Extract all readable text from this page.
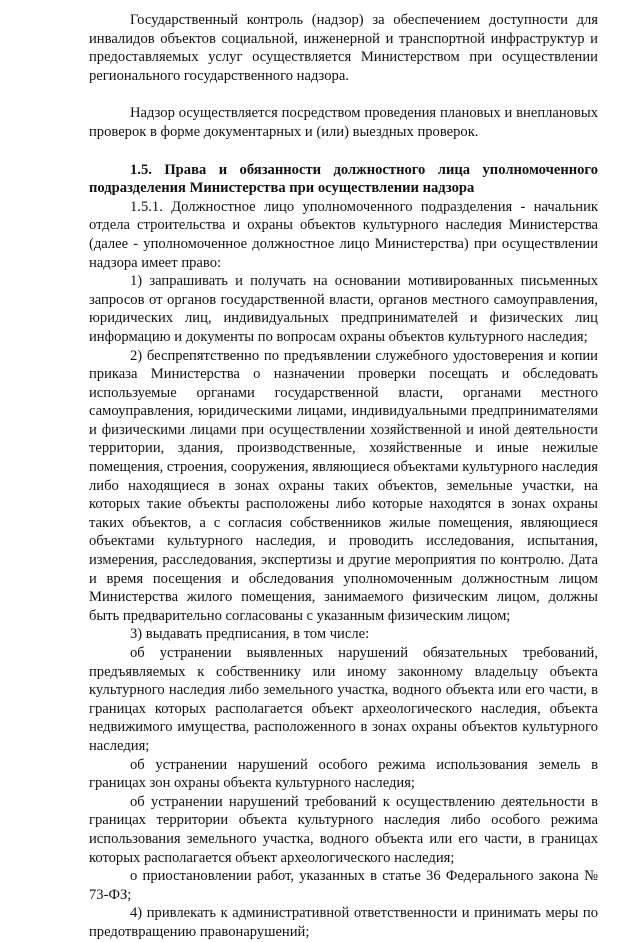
Государственный контроль (надзор) за обеспечением доступности для инвалидов объектов социальной, инженерной и транспортной инфраструктур и предоставляемых услуг осуществляется Министерством при осуществлении регионального государственного надзора.

Надзор осуществляется посредством проведения плановых и внеплановых проверок в форме документарных и (или) выездных проверок.

1.5. Права и обязанности должностного лица уполномоченного подразделения Министерства при осуществлении надзора

1.5.1. Должностное лицо уполномоченного подразделения - начальник отдела строительства и охраны объектов культурного наследия Министерства (далее - уполномоченное должностное лицо Министерства) при осуществлении надзора имеет право:

1) запрашивать и получать на основании мотивированных письменных запросов от органов государственной власти, органов местного самоуправления, юридических лиц, индивидуальных предпринимателей и физических лиц информацию и документы по вопросам охраны объектов культурного наследия;

2) беспрепятственно по предъявлении служебного удостоверения и копии приказа Министерства о назначении проверки посещать и обследовать используемые органами государственной власти, органами местного самоуправления, юридическими лицами, индивидуальными предпринимателями и физическими лицами при осуществлении хозяйственной и иной деятельности территории, здания, производственные, хозяйственные и иные нежилые помещения, строения, сооружения, являющиеся объектами культурного наследия либо находящиеся в зонах охраны таких объектов, земельные участки, на которых такие объекты расположены либо которые находятся в зонах охраны таких объектов, а с согласия собственников жилые помещения, являющиеся объектами культурного наследия, и проводить исследования, испытания, измерения, расследования, экспертизы и другие мероприятия по контролю. Дата и время посещения и обследования уполномоченным должностным лицом Министерства жилого помещения, занимаемого физическим лицом, должны быть предварительно согласованы с указанным физическим лицом;

3) выдавать предписания, в том числе:

об устранении выявленных нарушений обязательных требований, предъявляемых к собственнику или иному законному владельцу объекта культурного наследия либо земельного участка, водного объекта или его части, в границах которых располагается объект археологического наследия, объекта недвижимого имущества, расположенного в зонах охраны объектов культурного наследия;

об устранении нарушений особого режима использования земель в границах зон охраны объекта культурного наследия;

об устранении нарушений требований к осуществлению деятельности в границах территории объекта культурного наследия либо особого режима использования земельного участка, водного объекта или его части, в границах которых располагается объект археологического наследия;

о приостановлении работ, указанных в статье 36 Федерального закона № 73-ФЗ;

4) привлекать к административной ответственности и принимать меры по предотвращению правонарушений;
